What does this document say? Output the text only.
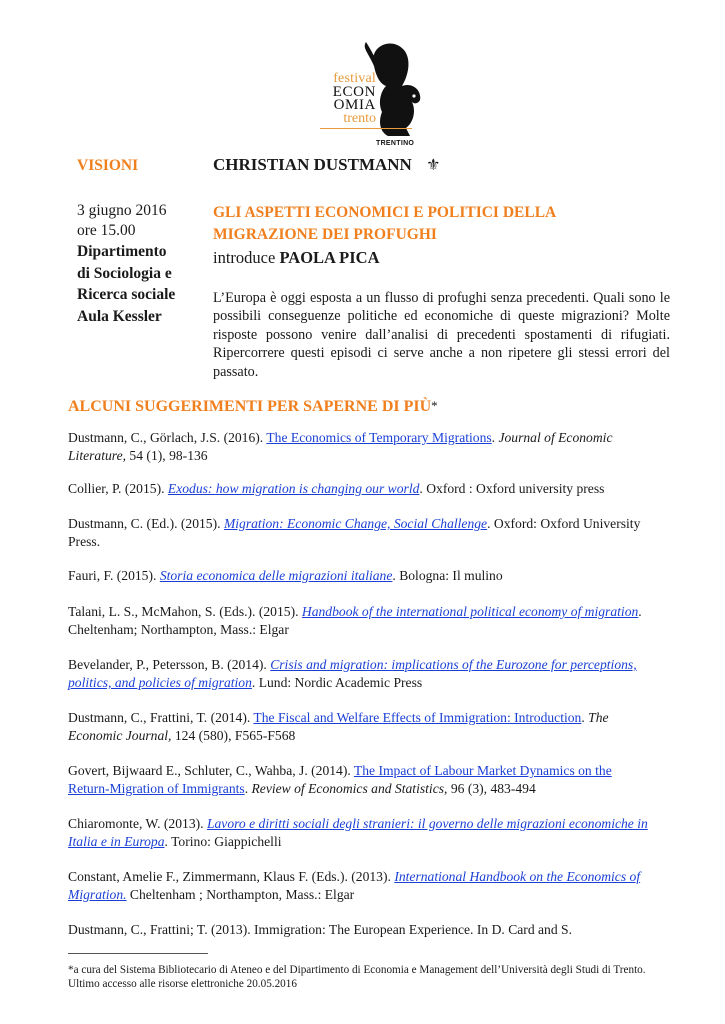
festival
ECON
OMIA
trento
TRENTINO
VISIONI
3 giugno 2016
ore 15.00
Dipartimento
di Sociologia e
Ricerca sociale
Aula Kessler
CHRISTIAN DUSTMANN ⚜
GLI ASPETTI ECONOMICI E POLITICI DELLA
MIGRAZIONE DEI PROFUGHI
introduce PAOLA PICA
L’Europa è oggi esposta a un flusso di profughi senza precedenti. Quali sono le possibili conseguenze politiche ed economiche di queste migrazioni? Molte risposte possono venire dall’analisi di precedenti spostamenti di rifugiati. Ripercorrere questi episodi ci serve anche a non ripetere gli stessi errori del passato.
ALCUNI SUGGERIMENTI PER SAPERNE DI PIÙ*
Dustmann, C., Görlach, J.S. (2016). The Economics of Temporary Migrations. Journal of Economic Literature, 54 (1), 98-136
Collier, P. (2015). Exodus: how migration is changing our world. Oxford : Oxford university press
Dustmann, C. (Ed.). (2015). Migration: Economic Change, Social Challenge. Oxford: Oxford University Press.
Fauri, F. (2015). Storia economica delle migrazioni italiane. Bologna: Il mulino
Talani, L. S., McMahon, S. (Eds.). (2015). Handbook of the international political economy of migration. Cheltenham; Northampton, Mass.: Elgar
Bevelander, P., Petersson, B. (2014). Crisis and migration: implications of the Eurozone for perceptions, politics, and policies of migration. Lund: Nordic Academic Press
Dustmann, C., Frattini, T. (2014). The Fiscal and Welfare Effects of Immigration: Introduction. The Economic Journal, 124 (580), F565-F568
Govert, Bijwaard E., Schluter, C., Wahba, J. (2014). The Impact of Labour Market Dynamics on the Return-Migration of Immigrants. Review of Economics and Statistics, 96 (3), 483-494
Chiaromonte, W. (2013). Lavoro e diritti sociali degli stranieri: il governo delle migrazioni economiche in Italia e in Europa. Torino: Giappichelli
Constant, Amelie F., Zimmermann, Klaus F. (Eds.). (2013). International Handbook on the Economics of Migration. Cheltenham ; Northampton, Mass.: Elgar
Dustmann, C., Frattini; T. (2013). Immigration: The European Experience. In D. Card and S.
*a cura del Sistema Bibliotecario di Ateneo e del Dipartimento di Economia e Management dell’Università degli Studi di Trento.
Ultimo accesso alle risorse elettroniche 20.05.2016
